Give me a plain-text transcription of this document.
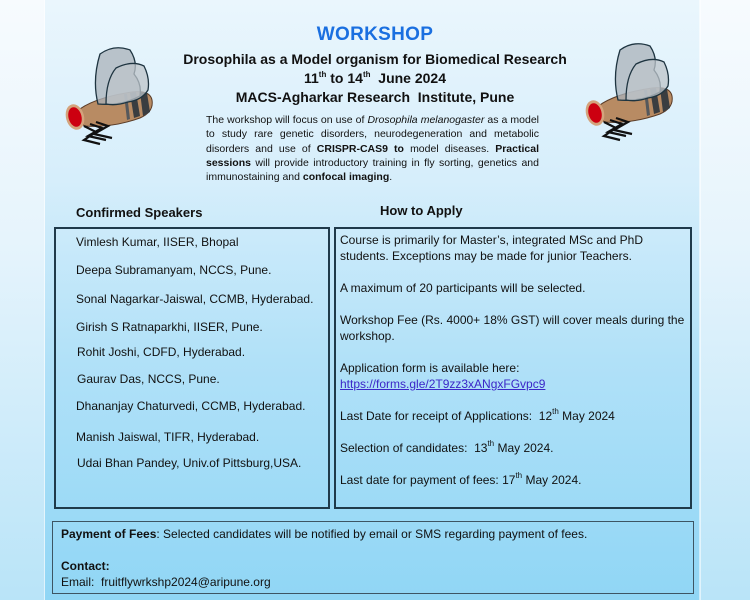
WORKSHOP
Drosophila as a Model organism for Biomedical Research
11th to 14th  June 2024
MACS-Agharkar Research  Institute, Pune
The workshop will focus on use of Drosophila melanogaster as a model to study rare genetic disorders, neurodegeneration and metabolic disorders and use of CRISPR-CAS9 to model diseases. Practical sessions will provide introductory training in fly sorting, genetics and immunostaining and confocal imaging.
Confirmed Speakers	How to Apply
Vimlesh Kumar, IISER, Bhopal
Deepa Subramanyam, NCCS, Pune.
Sonal Nagarkar-Jaiswal, CCMB, Hyderabad.
Girish S Ratnaparkhi, IISER, Pune.
Rohit Joshi, CDFD, Hyderabad.
Gaurav Das, NCCS, Pune.
Dhananjay Chaturvedi, CCMB, Hyderabad.
Manish Jaiswal, TIFR, Hyderabad.
Udai Bhan Pandey, Univ.of Pittsburg,USA.

Course is primarily for Master’s, integrated MSc and PhD students. Exceptions may be made for junior Teachers.

A maximum of 20 participants will be selected.

Workshop Fee (Rs. 4000+ 18% GST) will cover meals during the workshop.

Application form is available here:
https://forms.gle/2T9zz3xANgxFGvpc9

Last Date for receipt of Applications:  12th May 2024

Selection of candidates:  13th May 2024.

Last date for payment of fees: 17th May 2024.

Payment of Fees: Selected candidates will be notified by email or SMS regarding payment of fees.
Contact:
Email:  fruitflywrkshp2024@aripune.org
